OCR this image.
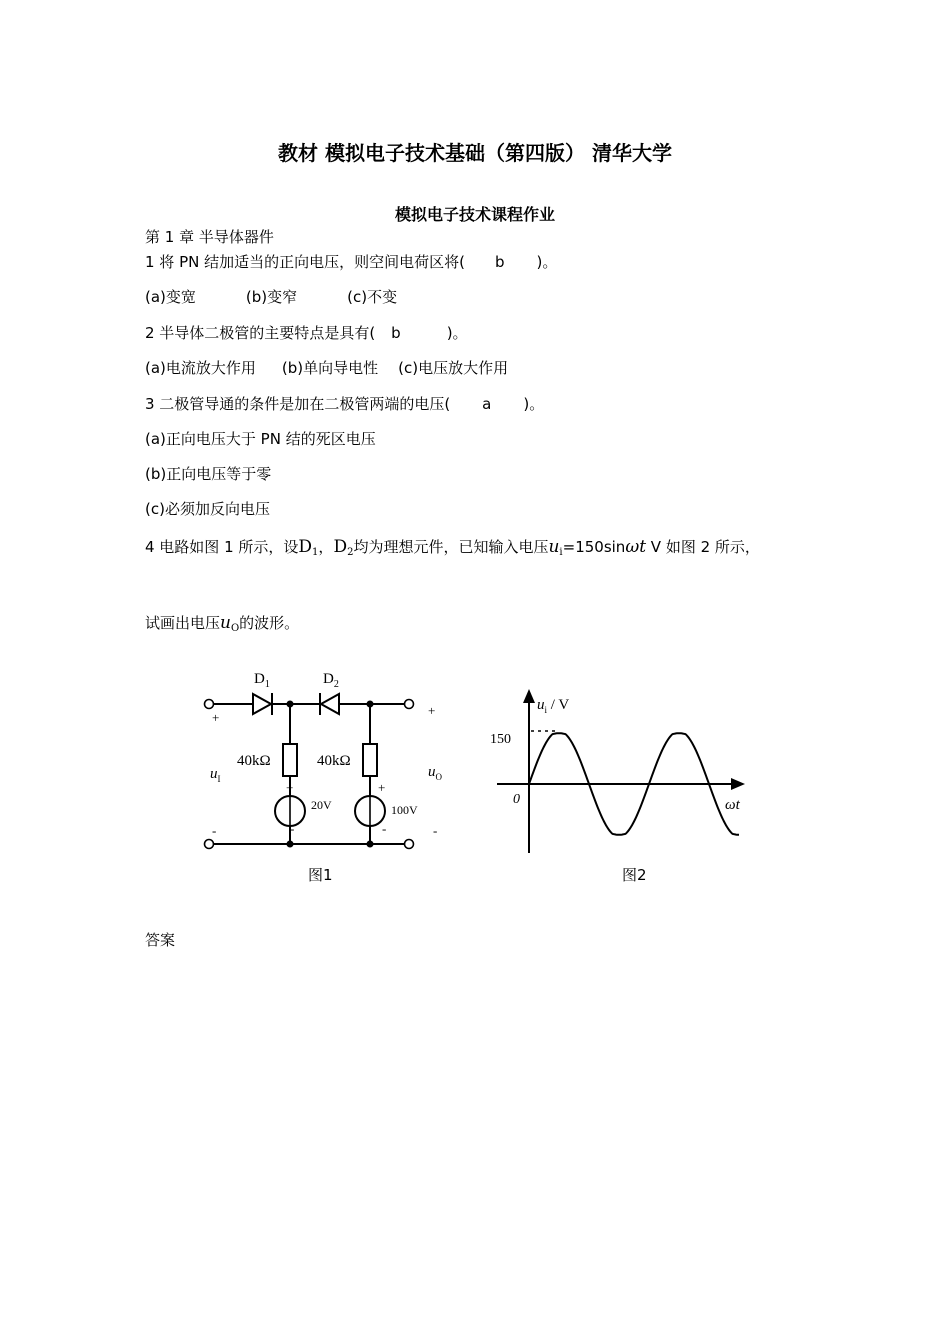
教材 模拟电子技术基础（第四版） 清华大学
模拟电子技术课程作业
第 1 章 半导体器件
1 将 PN 结加适当的正向电压，则空间电荷区将( b )。
(a)变宽	(b)变窄	(c)不变
2 半导体二极管的主要特点是具有( b	)。
(a)电流放大作用 (b)单向导电性 (c)电压放大作用
3 二极管导通的条件是加在二极管两端的电压( a )。
(a)正向电压大于 PN 结的死区电压
(b)正向电压等于零
(c)必须加反向电压
4 电路如图 1 所示，设D1，D2均为理想元件，已知输入电压ui=150sinωt V 如图 2 所示，
试画出电压uO的波形。
$D_1$	$D_2$
40kΩ	40kΩ
20V	100V
+	+
-	-
+	+
-	-
$u_I$	$u_O$
图1
$u_i$ / V
150
0	ωt
图2
答案
